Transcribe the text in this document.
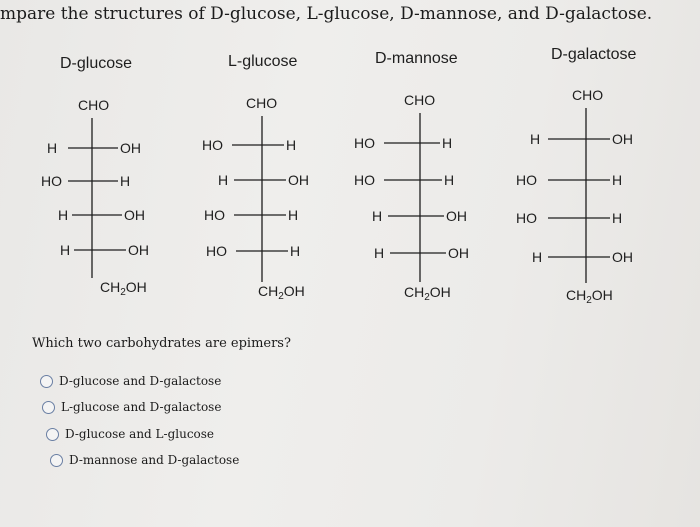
mpare the structures of D-glucose, L-glucose, D-mannose, and D-galactose.
D-glucose	L-glucose	D-mannose	D-galactose
CHO
H	OH
HO	H
H	OH
H	OH
$CH_2OH$
CHO
HO	H
H	OH
HO	H
HO	H
$CH_2OH$
CHO
HO	H
HO	H
H	OH
H	OH
$CH_2OH$
CHO
H	OH
HO	H
HO	H
H	OH
$CH_2OH$
Which two carbohydrates are epimers?
D-glucose and D-galactose
L-glucose and D-galactose
D-glucose and L-glucose
D-mannose and D-galactose
